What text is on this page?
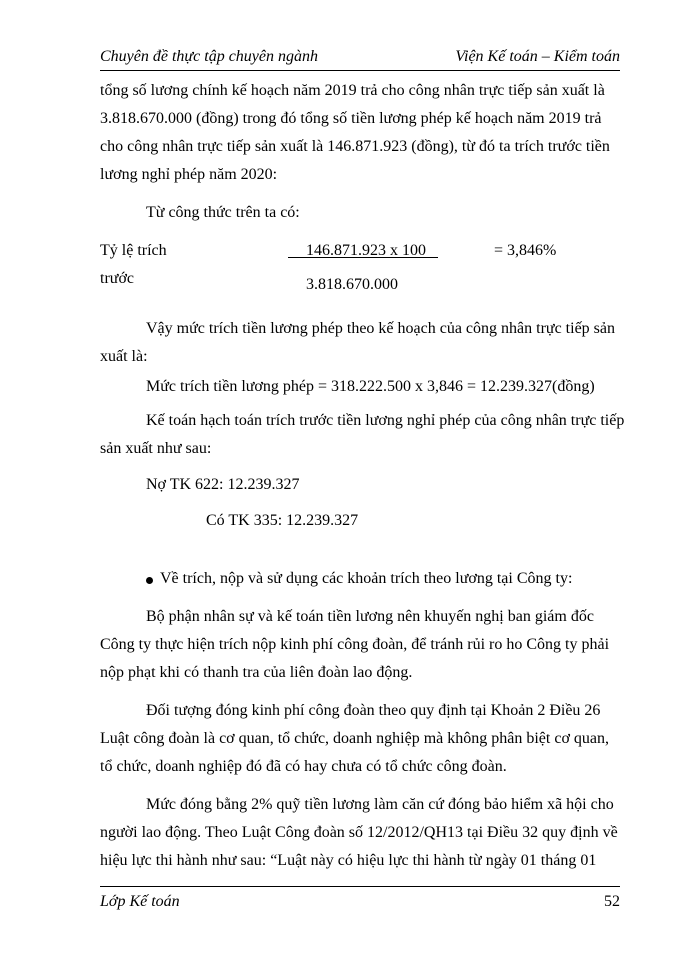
Chuyên đề thực tập chuyên ngành	Viện Kế toán – Kiểm toán
tổng số lương chính kế hoạch năm 2019 trả cho công nhân trực tiếp sản xuất là
3.818.670.000 (đồng) trong đó tổng số tiền lương phép kế hoạch năm 2019 trả
cho công nhân trực tiếp sản xuất là 146.871.923 (đồng), từ đó ta trích trước tiền
lương nghỉ phép năm 2020:
Từ công thức trên ta có:
Tỷ lệ trích
trước
146.871.923 x 100
3.818.670.000
= 3,846%
Vậy mức trích tiền lương phép theo kế hoạch của công nhân trực tiếp sản
xuất là:
Mức trích tiền lương phép = 318.222.500 x 3,846 = 12.239.327(đồng)
Kế toán hạch toán trích trước tiền lương nghỉ phép của công nhân trực tiếp
sản xuất như sau:
Nợ TK 622: 12.239.327
Có TK 335: 12.239.327
Về trích, nộp và sử dụng các khoản trích theo lương tại Công ty:
Bộ phận nhân sự và kế toán tiền lương nên khuyến nghị ban giám đốc
Công ty thực hiện trích nộp kinh phí công đoàn, để tránh rủi ro ho Công ty phải
nộp phạt khi có thanh tra của liên đoàn lao động.
Đối tượng đóng kinh phí công đoàn theo quy định tại Khoản 2 Điều 26
Luật công đoàn là cơ quan, tổ chức, doanh nghiệp mà không phân biệt cơ quan,
tổ chức, doanh nghiệp đó đã có hay chưa có tổ chức công đoàn.
Mức đóng bằng 2% quỹ tiền lương làm căn cứ đóng bảo hiểm xã hội cho
người lao động. Theo Luật Công đoàn số 12/2012/QH13 tại Điều 32 quy định về
hiệu lực thi hành như sau: “Luật này có hiệu lực thi hành từ ngày 01 tháng 01
Lớp Kế toán	52
